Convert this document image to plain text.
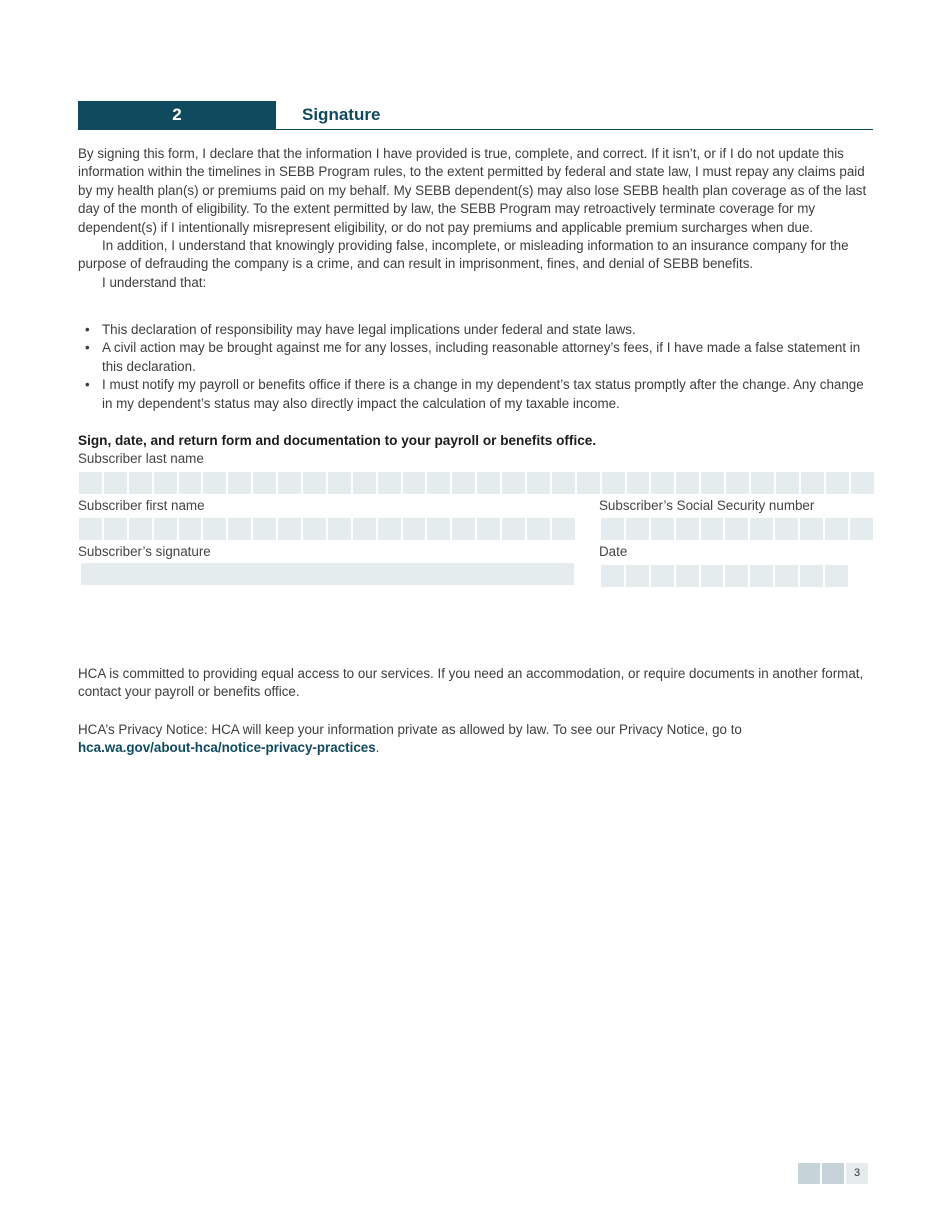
2	Signature
By signing this form, I declare that the information I have provided is true, complete, and correct. If it isn’t, or if I do not update this information within the timelines in SEBB Program rules, to the extent permitted by federal and state law, I must repay any claims paid by my health plan(s) or premiums paid on my behalf. My SEBB dependent(s) may also lose SEBB health plan coverage as of the last day of the month of eligibility. To the extent permitted by law, the SEBB Program may retroactively terminate coverage for my dependent(s) if I intentionally misrepresent eligibility, or do not pay premiums and applicable premium surcharges when due.
In addition, I understand that knowingly providing false, incomplete, or misleading information to an insurance company for the purpose of defrauding the company is a crime, and can result in imprisonment, fines, and denial of SEBB benefits.
I understand that:
• This declaration of responsibility may have legal implications under federal and state laws.
• A civil action may be brought against me for any losses, including reasonable attorney’s fees, if I have made a false statement in this declaration.
• I must notify my payroll or benefits office if there is a change in my dependent’s tax status promptly after the change. Any change in my dependent’s status may also directly impact the calculation of my taxable income.
Sign, date, and return form and documentation to your payroll or benefits office.
Subscriber last name
Subscriber first name	Subscriber’s Social Security number
Subscriber’s signature	Date
HCA is committed to providing equal access to our services. If you need an accommodation, or require documents in another format, contact your payroll or benefits office.
HCA’s Privacy Notice: HCA will keep your information private as allowed by law. To see our Privacy Notice, go to
hca.wa.gov/about-hca/notice-privacy-practices.
3
